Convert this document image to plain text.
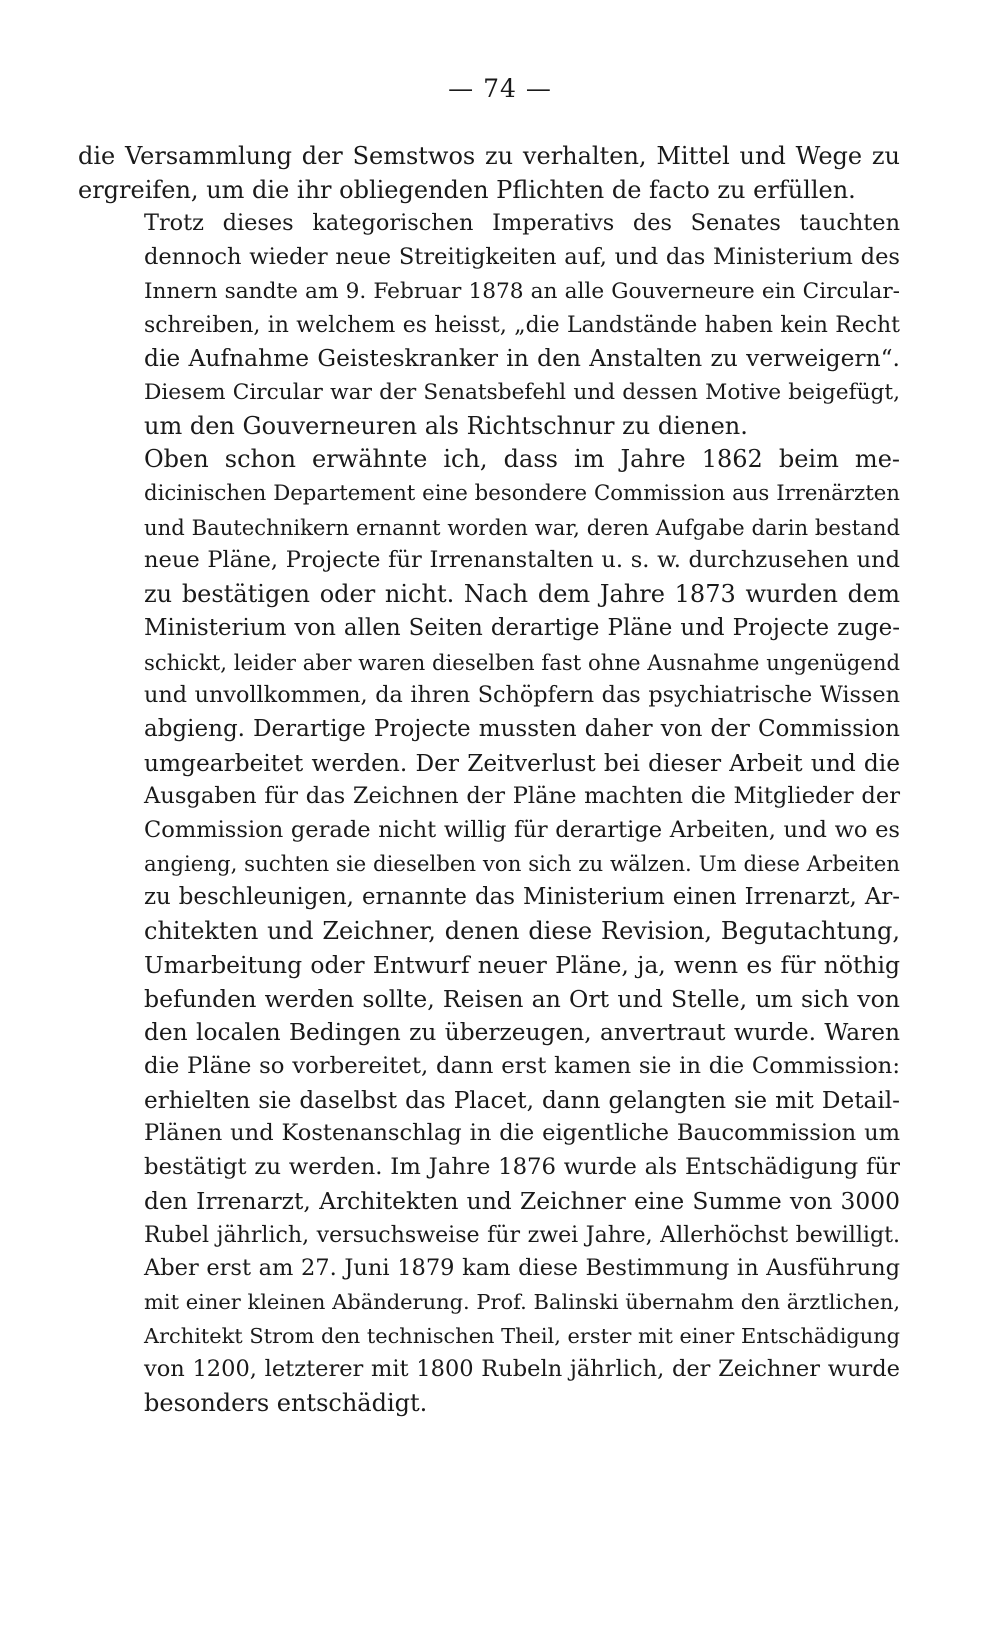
— 74 —

die Versammlung der Semstwos zu verhalten, Mittel und Wege zu
ergreifen, um die ihr obliegenden Pflichten de facto zu erfüllen.

Trotz dieses kategorischen Imperativs des Senates tauchten
dennoch wieder neue Streitigkeiten auf, und das Ministerium des
Innern sandte am 9. Februar 1878 an alle Gouverneure ein Circular-
schreiben, in welchem es heisst, „die Landstände haben kein Recht
die Aufnahme Geisteskranker in den Anstalten zu verweigern“.
Diesem Circular war der Senatsbefehl und dessen Motive beigefügt,
um den Gouverneuren als Richtschnur zu dienen.

Oben schon erwähnte ich, dass im Jahre 1862 beim me-
dicinischen Departement eine besondere Commission aus Irrenärzten
und Bautechnikern ernannt worden war, deren Aufgabe darin bestand
neue Pläne, Projecte für Irrenanstalten u. s. w. durchzusehen und
zu bestätigen oder nicht. Nach dem Jahre 1873 wurden dem
Ministerium von allen Seiten derartige Pläne und Projecte zuge-
schickt, leider aber waren dieselben fast ohne Ausnahme ungenügend
und unvollkommen, da ihren Schöpfern das psychiatrische Wissen
abgieng. Derartige Projecte mussten daher von der Commission
umgearbeitet werden. Der Zeitverlust bei dieser Arbeit und die
Ausgaben für das Zeichnen der Pläne machten die Mitglieder der
Commission gerade nicht willig für derartige Arbeiten, und wo es
angieng, suchten sie dieselben von sich zu wälzen. Um diese Arbeiten
zu beschleunigen, ernannte das Ministerium einen Irrenarzt, Ar-
chitekten und Zeichner, denen diese Revision, Begutachtung,
Umarbeitung oder Entwurf neuer Pläne, ja, wenn es für nöthig
befunden werden sollte, Reisen an Ort und Stelle, um sich von
den localen Bedingen zu überzeugen, anvertraut wurde. Waren
die Pläne so vorbereitet, dann erst kamen sie in die Commission:
erhielten sie daselbst das Placet, dann gelangten sie mit Detail-
Plänen und Kostenanschlag in die eigentliche Baucommission um
bestätigt zu werden. Im Jahre 1876 wurde als Entschädigung für
den Irrenarzt, Architekten und Zeichner eine Summe von 3000
Rubel jährlich, versuchsweise für zwei Jahre, Allerhöchst bewilligt.
Aber erst am 27. Juni 1879 kam diese Bestimmung in Ausführung
mit einer kleinen Abänderung. Prof. Balinski übernahm den ärztlichen,
Architekt Strom den technischen Theil, erster mit einer Entschädigung
von 1200, letzterer mit 1800 Rubeln jährlich, der Zeichner wurde
besonders entschädigt.
